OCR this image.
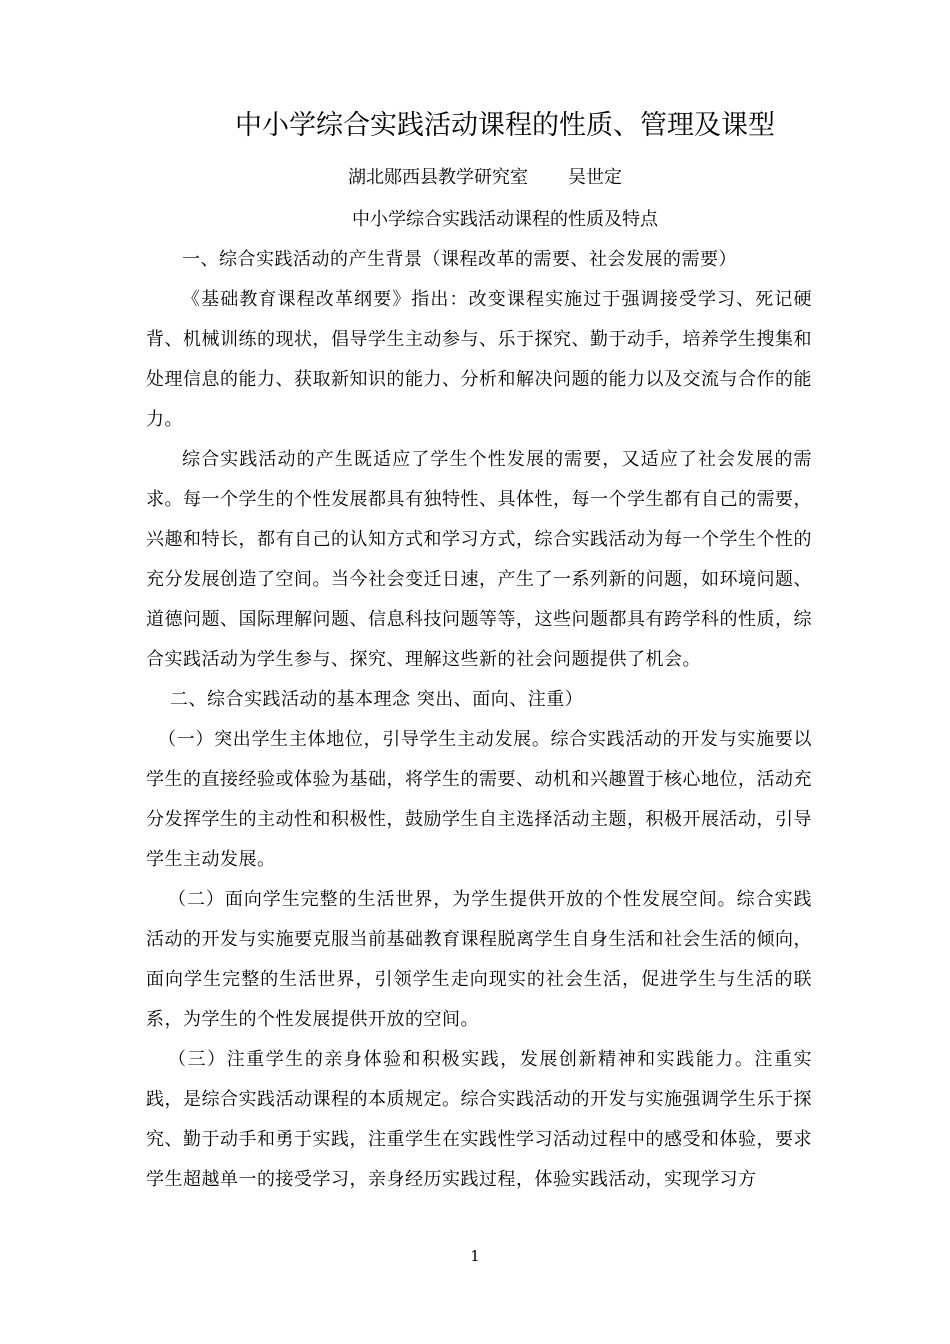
中小学综合实践活动课程的性质、管理及课型
湖北郧西县教学研究室 吴世定
中小学综合实践活动课程的性质及特点

一、综合实践活动的产生背景（课程改革的需要、社会发展的需要）

《基础教育课程改革纲要》指出：改变课程实施过于强调接受学习、死记硬背、机械训练的现状，倡导学生主动参与、乐于探究、勤于动手，培养学生搜集和处理信息的能力、获取新知识的能力、分析和解决问题的能力以及交流与合作的能力。

综合实践活动的产生既适应了学生个性发展的需要，又适应了社会发展的需求。每一个学生的个性发展都具有独特性、具体性，每一个学生都有自己的需要，兴趣和特长，都有自己的认知方式和学习方式，综合实践活动为每一个学生个性的充分发展创造了空间。当今社会变迁日速，产生了一系列新的问题，如环境问题、道德问题、国际理解问题、信息科技问题等等，这些问题都具有跨学科的性质，综合实践活动为学生参与、探究、理解这些新的社会问题提供了机会。

二、综合实践活动的基本理念 突出、面向、注重）

（一）突出学生主体地位，引导学生主动发展。综合实践活动的开发与实施要以学生的直接经验或体验为基础，将学生的需要、动机和兴趣置于核心地位，活动充分发挥学生的主动性和积极性，鼓励学生自主选择活动主题，积极开展活动，引导学生主动发展。

（二）面向学生完整的生活世界，为学生提供开放的个性发展空间。综合实践活动的开发与实施要克服当前基础教育课程脱离学生自身生活和社会生活的倾向，面向学生完整的生活世界，引领学生走向现实的社会生活，促进学生与生活的联系，为学生的个性发展提供开放的空间。

（三）注重学生的亲身体验和积极实践，发展创新精神和实践能力。注重实践，是综合实践活动课程的本质规定。综合实践活动的开发与实施强调学生乐于探究、勤于动手和勇于实践，注重学生在实践性学习活动过程中的感受和体验，要求学生超越单一的接受学习，亲身经历实践过程，体验实践活动，实现学习方

1
